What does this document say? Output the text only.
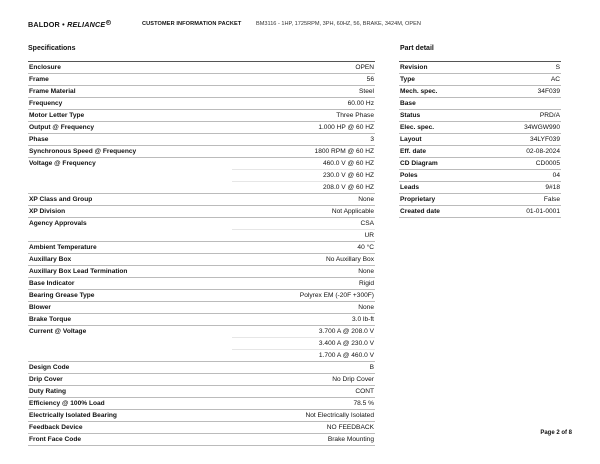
BALDOR • RELIANCE R	CUSTOMER INFORMATION PACKET	BM3116 - 1HP, 1725RPM, 3PH, 60HZ, 56, BRAKE, 3424M, OPEN
Specifications
Enclosure	OPEN
Frame	56
Frame Material	Steel
Frequency	60.00 Hz
Motor Letter Type	Three Phase
Output @ Frequency	1.000 HP @ 60 HZ
Phase	3
Synchronous Speed @ Frequency	1800 RPM @ 60 HZ
Voltage @ Frequency	460.0 V @ 60 HZ
	230.0 V @ 60 HZ
	208.0 V @ 60 HZ
XP Class and Group	None
XP Division	Not Applicable
Agency Approvals	CSA
	UR
Ambient Temperature	40 °C
Auxillary Box	No Auxillary Box
Auxillary Box Lead Termination	None
Base Indicator	Rigid
Bearing Grease Type	Polyrex EM (-20F +300F)
Blower	None
Brake Torque	3.0 lb-ft
Current @ Voltage	3.700 A @ 208.0 V
	3.400 A @ 230.0 V
	1.700 A @ 460.0 V
Design Code	B
Drip Cover	No Drip Cover
Duty Rating	CONT
Efficiency @ 100% Load	78.5 %
Electrically Isolated Bearing	Not Electrically Isolated
Feedback Device	NO FEEDBACK
Front Face Code	Brake Mounting
Part detail
Revision	S
Type	AC
Mech. spec.	34F039
Base	
Status	PRD/A
Elec. spec.	34WGW990
Layout	34LYF039
Eff. date	02-08-2024
CD Diagram	CD0005
Poles	04
Leads	9#18
Proprietary	False
Created date	01-01-0001
Page 2 of 8
